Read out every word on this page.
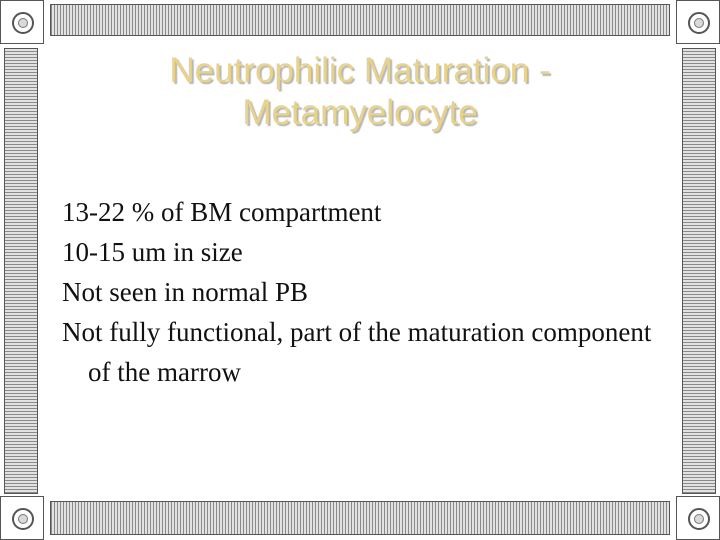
Neutrophilic Maturation -
Metamyelocyte
13-22 % of BM compartment
10-15 um in size
Not seen in normal PB
Not fully functional, part of the maturation component of the marrow
